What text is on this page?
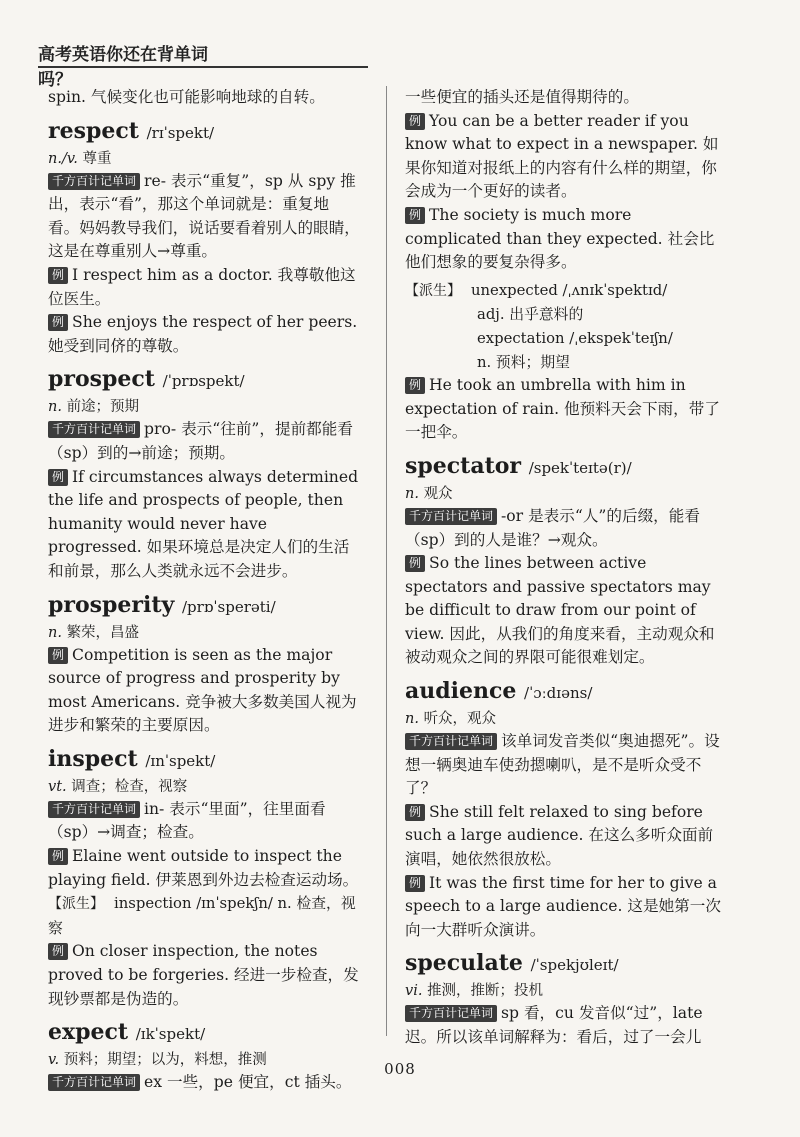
高考英语你还在背单词吗？

spin. 气候变化也可能影响地球的自转。

respect /rɪˈspekt/

n./v. 尊重

千方百计记单词 re- 表示“重复”，sp 从 spy 推出，表示“看”，那这个单词就是：重复地看。妈妈教导我们，说话要看着别人的眼睛，这是在尊重别人→尊重。

例 I respect him as a doctor. 我尊敬他这位医生。

例 She enjoys the respect of her peers. 她受到同侪的尊敬。

prospect /ˈprɒspekt/

n. 前途；预期

千方百计记单词 pro- 表示“往前”，提前都能看（sp）到的→前途；预期。

例 If circumstances always determined the life and prospects of people, then humanity would never have progressed. 如果环境总是决定人们的生活和前景，那么人类就永远不会进步。

prosperity /prɒˈsperəti/

n. 繁荣，昌盛

例 Competition is seen as the major source of progress and prosperity by most Americans. 竞争被大多数美国人视为进步和繁荣的主要原因。

inspect /ɪnˈspekt/

vt. 调查；检查，视察

千方百计记单词 in- 表示“里面”，往里面看（sp）→调查；检查。

例 Elaine went outside to inspect the playing field. 伊莱恩到外边去检查运动场。

【派生】 inspection /ɪnˈspekʃn/ n. 检查，视察

例 On closer inspection, the notes proved to be forgeries. 经进一步检查，发现钞票都是伪造的。

expect /ɪkˈspekt/

v. 预料；期望；以为，料想，推测

千方百计记单词 ex 一些，pe 便宜，ct 插头。

一些便宜的插头还是值得期待的。

例 You can be a better reader if you know what to expect in a newspaper. 如果你知道对报纸上的内容有什么样的期望，你会成为一个更好的读者。

例 The society is much more complicated than they expected. 社会比他们想象的要复杂得多。

【派生】 unexpected /ˌʌnɪkˈspektɪd/

adj. 出乎意料的

expectation /ˌekspekˈteɪʃn/

n. 预料；期望

例 He took an umbrella with him in expectation of rain. 他预料天会下雨，带了一把伞。

spectator /spekˈteɪtə(r)/

n. 观众

千方百计记单词 -or 是表示“人”的后缀，能看（sp）到的人是谁？→观众。

例 So the lines between active spectators and passive spectators may be difficult to draw from our point of view. 因此，从我们的角度来看，主动观众和被动观众之间的界限可能很难划定。

audience /ˈɔːdɪəns/

n. 听众，观众

千方百计记单词 该单词发音类似“奥迪摁死”。设想一辆奥迪车使劲摁喇叭，是不是听众受不了？

例 She still felt relaxed to sing before such a large audience. 在这么多听众面前演唱，她依然很放松。

例 It was the first time for her to give a speech to a large audience. 这是她第一次向一大群听众演讲。

speculate /ˈspekjʊleɪt/

vi. 推测，推断；投机

千方百计记单词 sp 看，cu 发音似“过”，late 迟。所以该单词解释为：看后，过了一会儿

008
